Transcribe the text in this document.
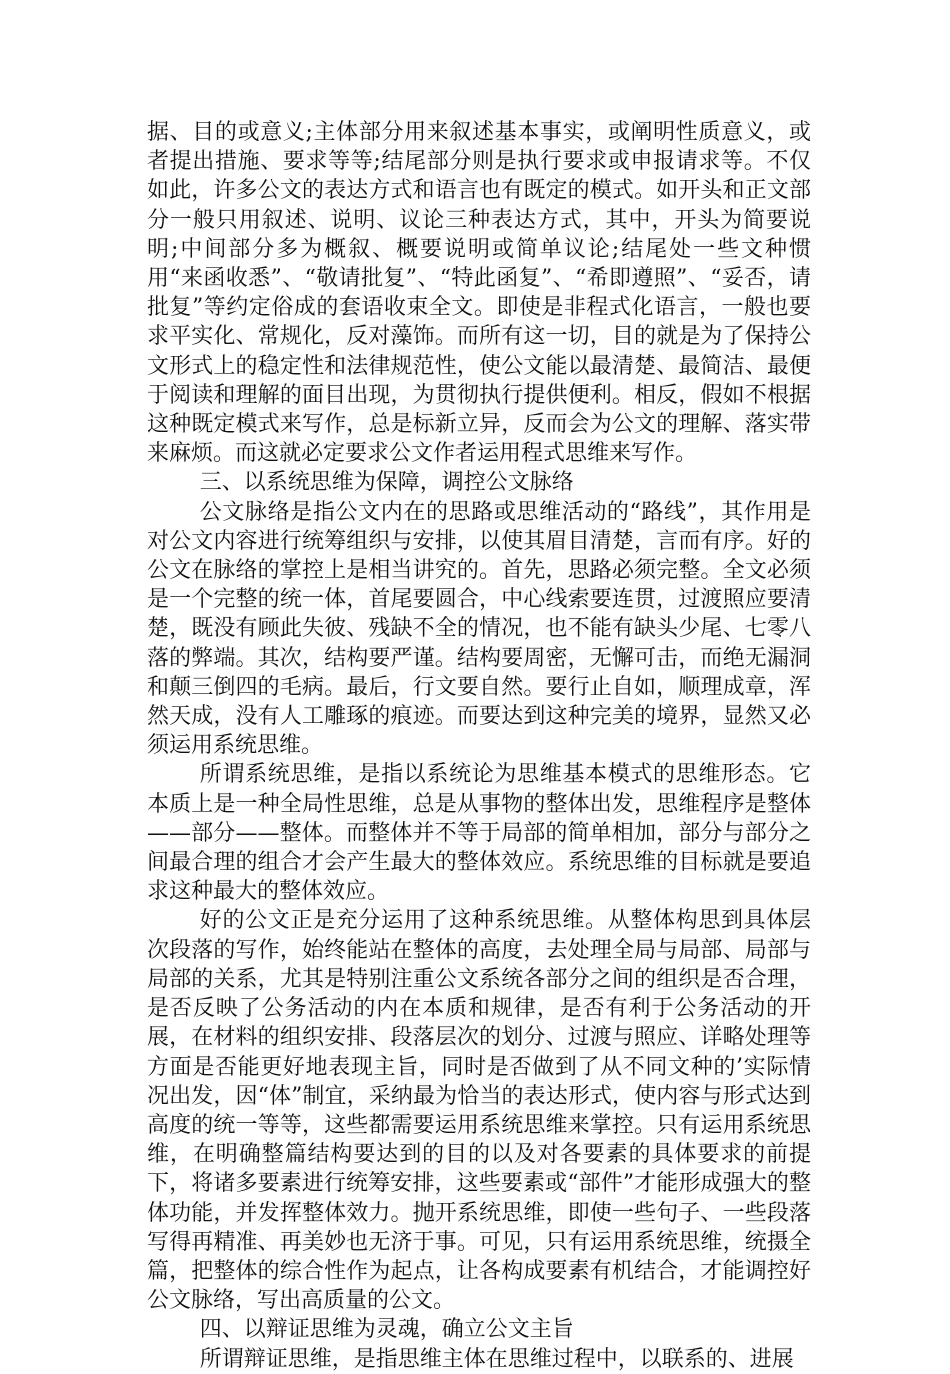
据、目的或意义;主体部分用来叙述基本事实，或阐明性质意义，或者提出措施、要求等等;结尾部分则是执行要求或申报请求等。不仅如此，许多公文的表达方式和语言也有既定的模式。如开头和正文部分一般只用叙述、说明、议论三种表达方式，其中，开头为简要说明;中间部分多为概叙、概要说明或简单议论;结尾处一些文种惯用“来函收悉”、“敬请批复”、“特此函复”、“希即遵照”、“妥否，请批复”等约定俗成的套语收束全文。即使是非程式化语言，一般也要求平实化、常规化，反对藻饰。而所有这一切，目的就是为了保持公文形式上的稳定性和法律规范性，使公文能以最清楚、最简洁、最便于阅读和理解的面目出现，为贯彻执行提供便利。相反，假如不根据这种既定模式来写作，总是标新立异，反而会为公文的理解、落实带来麻烦。而这就必定要求公文作者运用程式思维来写作。

三、以系统思维为保障，调控公文脉络

公文脉络是指公文内在的思路或思维活动的“路线”，其作用是对公文内容进行统筹组织与安排，以使其眉目清楚，言而有序。好的公文在脉络的掌控上是相当讲究的。首先，思路必须完整。全文必须是一个完整的统一体，首尾要圆合，中心线索要连贯，过渡照应要清楚，既没有顾此失彼、残缺不全的情况，也不能有缺头少尾、七零八落的弊端。其次，结构要严谨。结构要周密，无懈可击，而绝无漏洞和颠三倒四的毛病。最后，行文要自然。要行止自如，顺理成章，浑然天成，没有人工雕琢的痕迹。而要达到这种完美的境界，显然又必须运用系统思维。

所谓系统思维，是指以系统论为思维基本模式的思维形态。它本质上是一种全局性思维，总是从事物的整体出发，思维程序是整体——部分——整体。而整体并不等于局部的简单相加，部分与部分之间最合理的组合才会产生最大的整体效应。系统思维的目标就是要追求这种最大的整体效应。

好的公文正是充分运用了这种系统思维。从整体构思到具体层次段落的写作，始终能站在整体的高度，去处理全局与局部、局部与局部的关系，尤其是特别注重公文系统各部分之间的组织是否合理，是否反映了公务活动的内在本质和规律，是否有利于公务活动的开展，在材料的组织安排、段落层次的划分、过渡与照应、详略处理等方面是否能更好地表现主旨，同时是否做到了从不同文种的’实际情况出发，因“体”制宜，采纳最为恰当的表达形式，使内容与形式达到高度的统一等等，这些都需要运用系统思维来掌控。只有运用系统思维，在明确整篇结构要达到的目的以及对各要素的具体要求的前提下，将诸多要素进行统筹安排，这些要素或“部件”才能形成强大的整体功能，并发挥整体效力。抛开系统思维，即使一些句子、一些段落写得再精准、再美妙也无济于事。可见，只有运用系统思维，统摄全篇，把整体的综合性作为起点，让各构成要素有机结合，才能调控好公文脉络，写出高质量的公文。

四、以辩证思维为灵魂，确立公文主旨

所谓辩证思维，是指思维主体在思维过程中，以联系的、进展
